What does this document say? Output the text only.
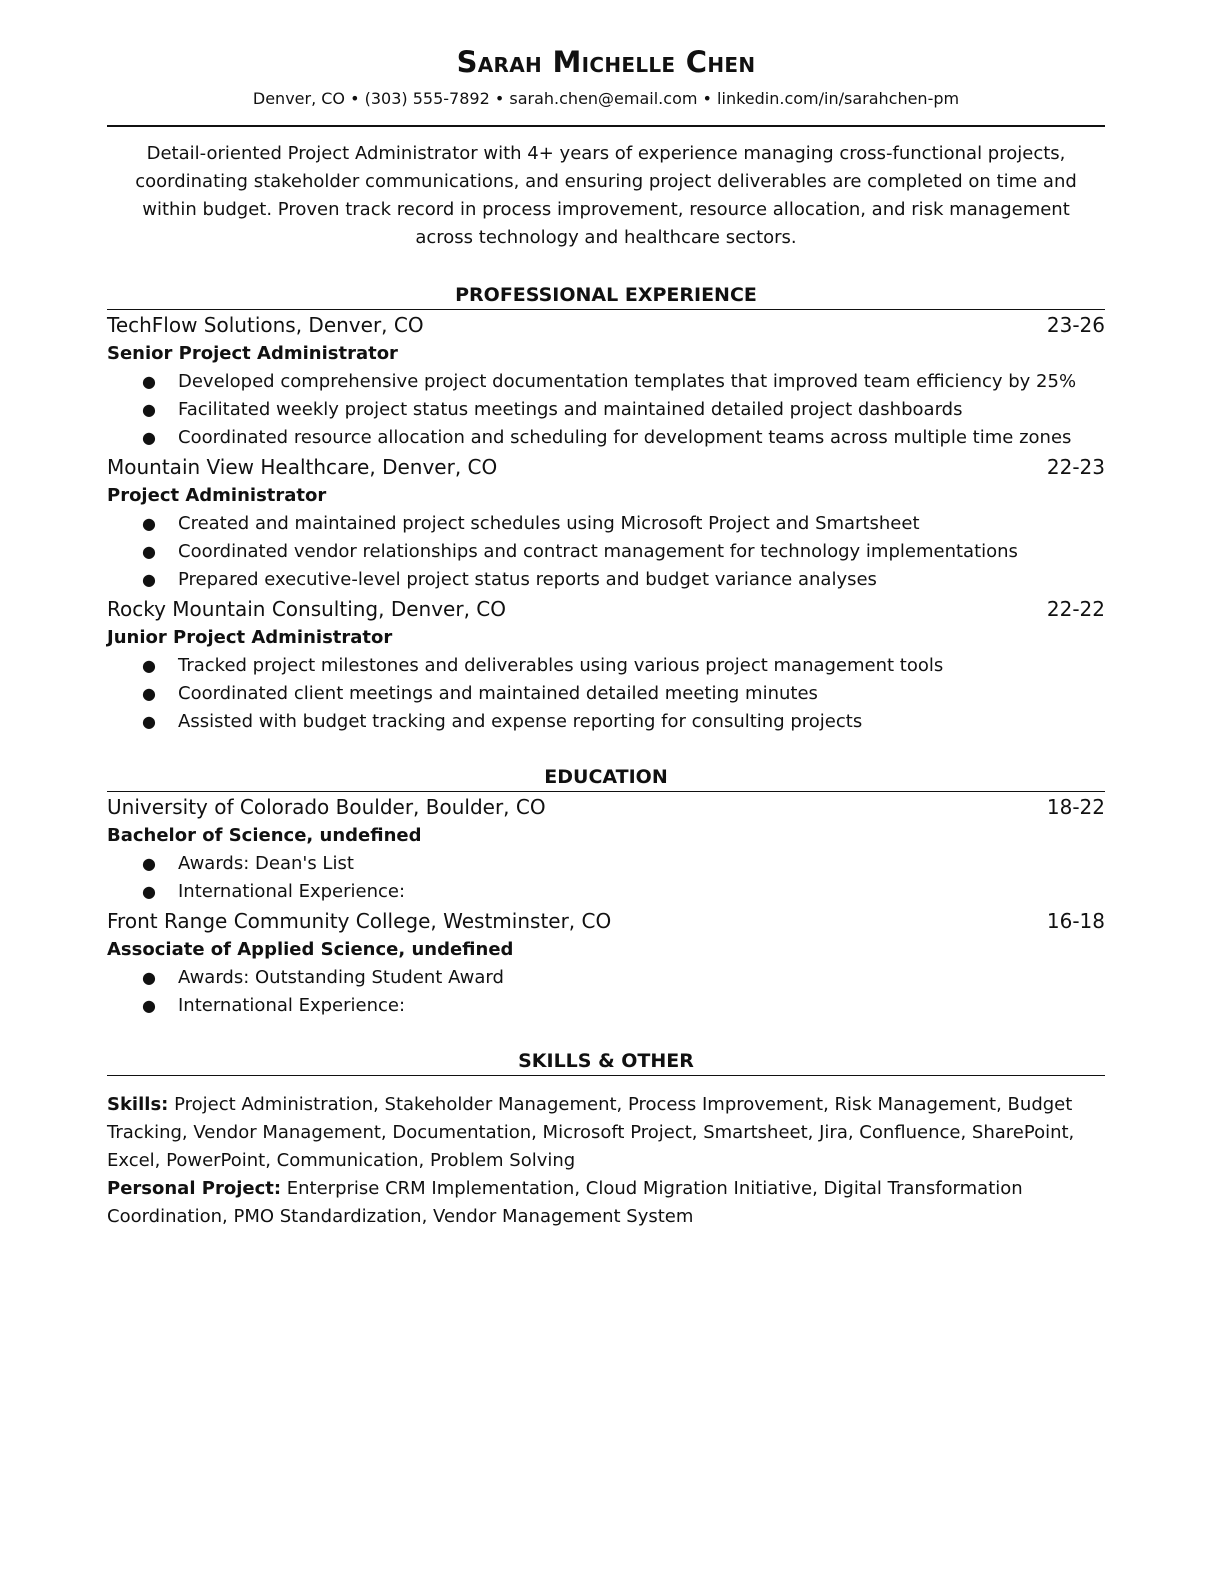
Sarah Michelle Chen
Denver, CO • (303) 555-7892 • sarah.chen@email.com • linkedin.com/in/sarahchen-pm

Detail-oriented Project Administrator with 4+ years of experience managing cross-functional projects, coordinating stakeholder communications, and ensuring project deliverables are completed on time and within budget. Proven track record in process improvement, resource allocation, and risk management across technology and healthcare sectors.

PROFESSIONAL EXPERIENCE
TechFlow Solutions, Denver, CO	23-26
Senior Project Administrator
● Developed comprehensive project documentation templates that improved team efficiency by 25%
● Facilitated weekly project status meetings and maintained detailed project dashboards
● Coordinated resource allocation and scheduling for development teams across multiple time zones
Mountain View Healthcare, Denver, CO	22-23
Project Administrator
● Created and maintained project schedules using Microsoft Project and Smartsheet
● Coordinated vendor relationships and contract management for technology implementations
● Prepared executive-level project status reports and budget variance analyses
Rocky Mountain Consulting, Denver, CO	22-22
Junior Project Administrator
● Tracked project milestones and deliverables using various project management tools
● Coordinated client meetings and maintained detailed meeting minutes
● Assisted with budget tracking and expense reporting for consulting projects
EDUCATION
University of Colorado Boulder, Boulder, CO	18-22
Bachelor of Science, undefined
● Awards: Dean's List
● International Experience:
Front Range Community College, Westminster, CO	16-18
Associate of Applied Science, undefined
● Awards: Outstanding Student Award
● International Experience:
SKILLS & OTHER
Skills: Project Administration, Stakeholder Management, Process Improvement, Risk Management, Budget Tracking, Vendor Management, Documentation, Microsoft Project, Smartsheet, Jira, Confluence, SharePoint, Excel, PowerPoint, Communication, Problem Solving
Personal Project: Enterprise CRM Implementation, Cloud Migration Initiative, Digital Transformation Coordination, PMO Standardization, Vendor Management System
